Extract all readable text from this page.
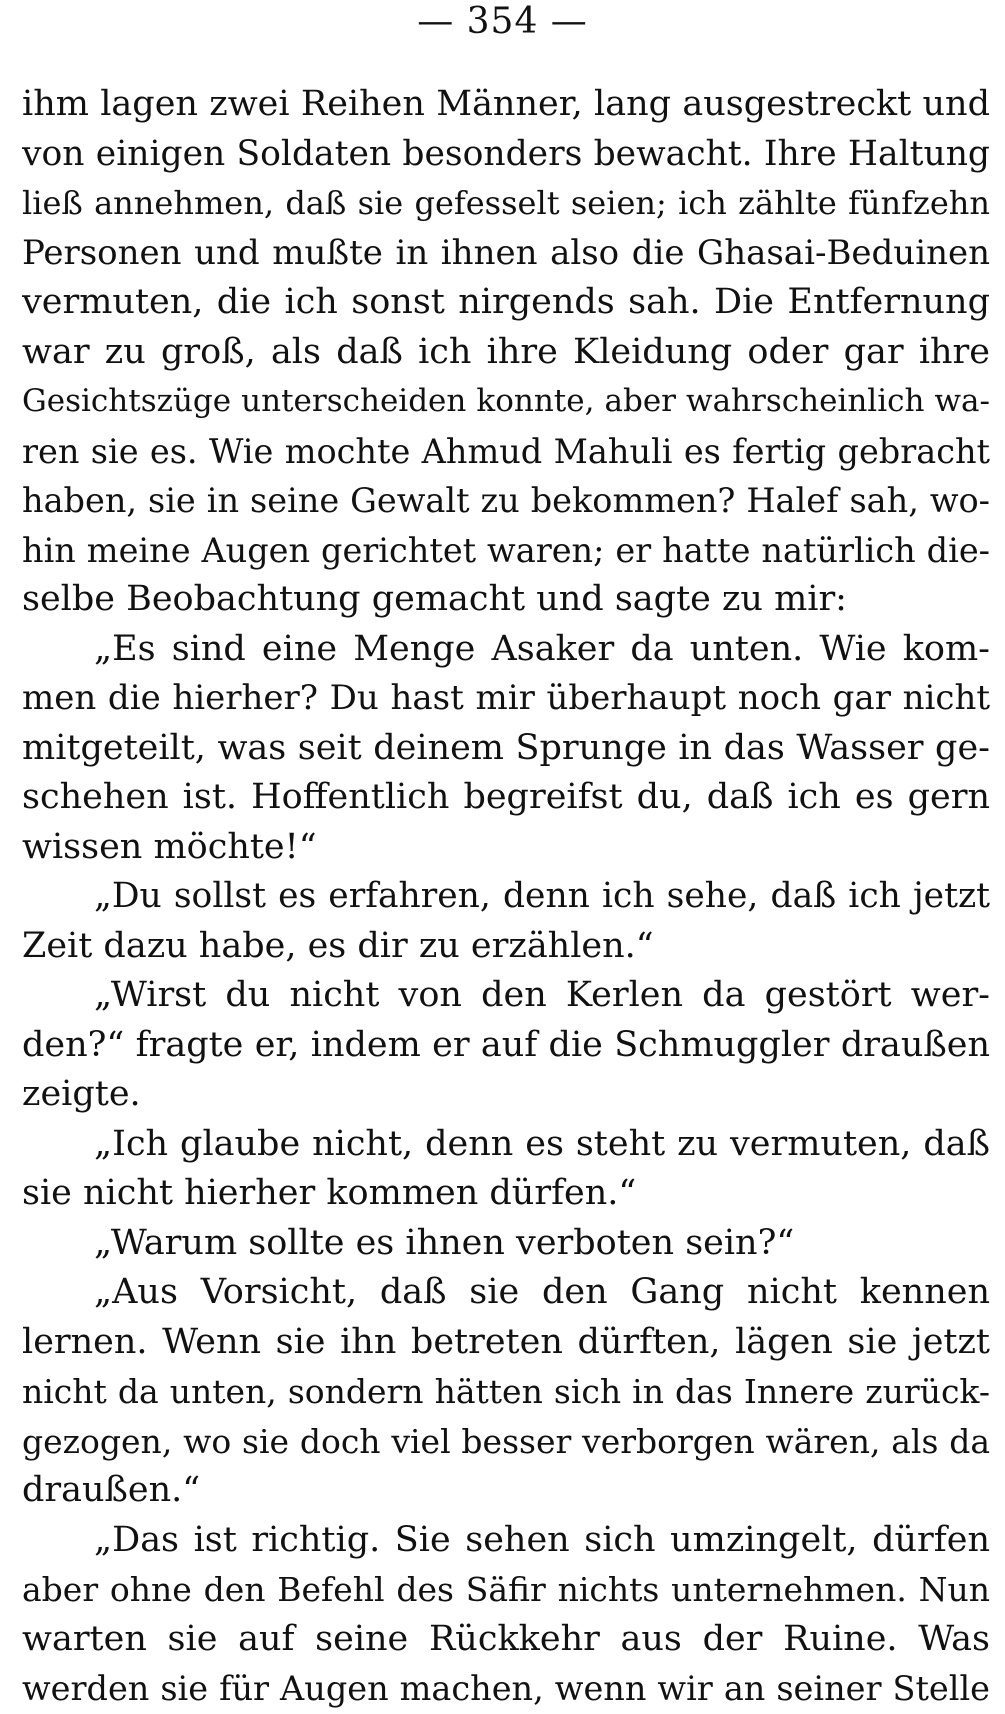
— 354 —
ihm lagen zwei Reihen Männer, lang ausgestreckt und
von einigen Soldaten besonders bewacht. Ihre Haltung
ließ annehmen, daß sie gefesselt seien; ich zählte fünfzehn
Personen und mußte in ihnen also die Ghasai-Beduinen
vermuten, die ich sonst nirgends sah. Die Entfernung
war zu groß, als daß ich ihre Kleidung oder gar ihre
Gesichtszüge unterscheiden konnte, aber wahrscheinlich wa-
ren sie es. Wie mochte Ahmud Mahuli es fertig gebracht
haben, sie in seine Gewalt zu bekommen? Halef sah, wo-
hin meine Augen gerichtet waren; er hatte natürlich die-
selbe Beobachtung gemacht und sagte zu mir:
„Es sind eine Menge Asaker da unten. Wie kom-
men die hierher? Du hast mir überhaupt noch gar nicht
mitgeteilt, was seit deinem Sprunge in das Wasser ge-
schehen ist. Hoffentlich begreifst du, daß ich es gern
wissen möchte!“
„Du sollst es erfahren, denn ich sehe, daß ich jetzt
Zeit dazu habe, es dir zu erzählen.“
„Wirst du nicht von den Kerlen da gestört wer-
den?“ fragte er, indem er auf die Schmuggler draußen
zeigte.
„Ich glaube nicht, denn es steht zu vermuten, daß
sie nicht hierher kommen dürfen.“
„Warum sollte es ihnen verboten sein?“
„Aus Vorsicht, daß sie den Gang nicht kennen
lernen. Wenn sie ihn betreten dürften, lägen sie jetzt
nicht da unten, sondern hätten sich in das Innere zurück-
gezogen, wo sie doch viel besser verborgen wären, als da
draußen.“
„Das ist richtig. Sie sehen sich umzingelt, dürfen
aber ohne den Befehl des Säfir nichts unternehmen. Nun
warten sie auf seine Rückkehr aus der Ruine. Was
werden sie für Augen machen, wenn wir an seiner Stelle
